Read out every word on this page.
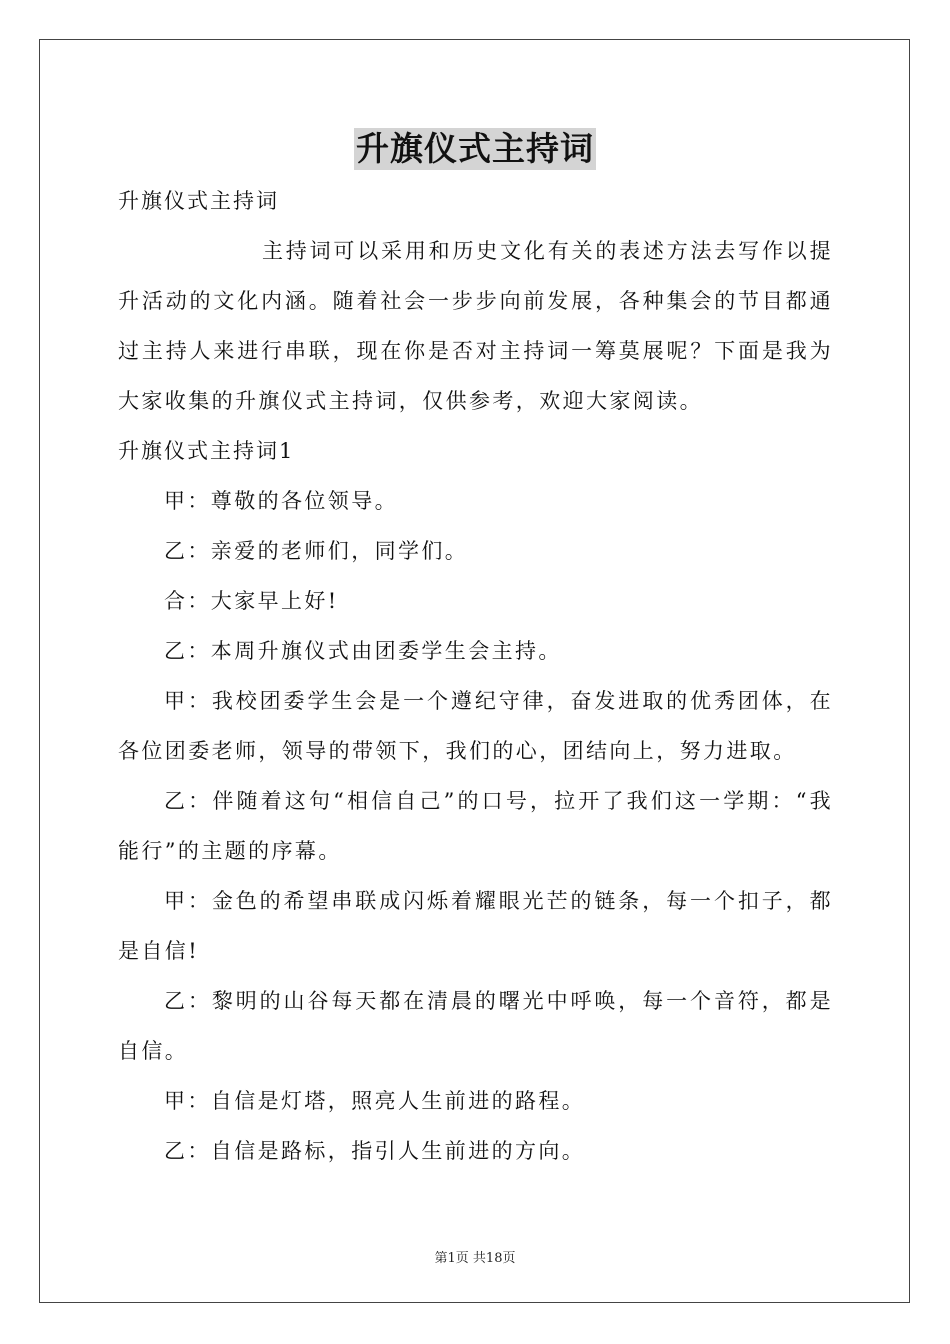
升旗仪式主持词
升旗仪式主持词

主持词可以采用和历史文化有关的表述方法去写作以提升活动的文化内涵。随着社会一步步向前发展，各种集会的节目都通过主持人来进行串联，现在你是否对主持词一筹莫展呢？下面是我为大家收集的升旗仪式主持词，仅供参考，欢迎大家阅读。

升旗仪式主持词1

甲：尊敬的各位领导。

乙：亲爱的老师们，同学们。

合：大家早上好!

乙：本周升旗仪式由团委学生会主持。

甲：我校团委学生会是一个遵纪守律，奋发进取的优秀团体，在各位团委老师，领导的带领下，我们的心，团结向上，努力进取。

乙：伴随着这句“相信自己”的口号，拉开了我们这一学期：“我能行”的主题的序幕。

甲：金色的希望串联成闪烁着耀眼光芒的链条，每一个扣子，都是自信!

乙：黎明的山谷每天都在清晨的曙光中呼唤，每一个音符，都是自信。

甲：自信是灯塔，照亮人生前进的路程。

乙：自信是路标，指引人生前进的方向。

第1页 共18页
